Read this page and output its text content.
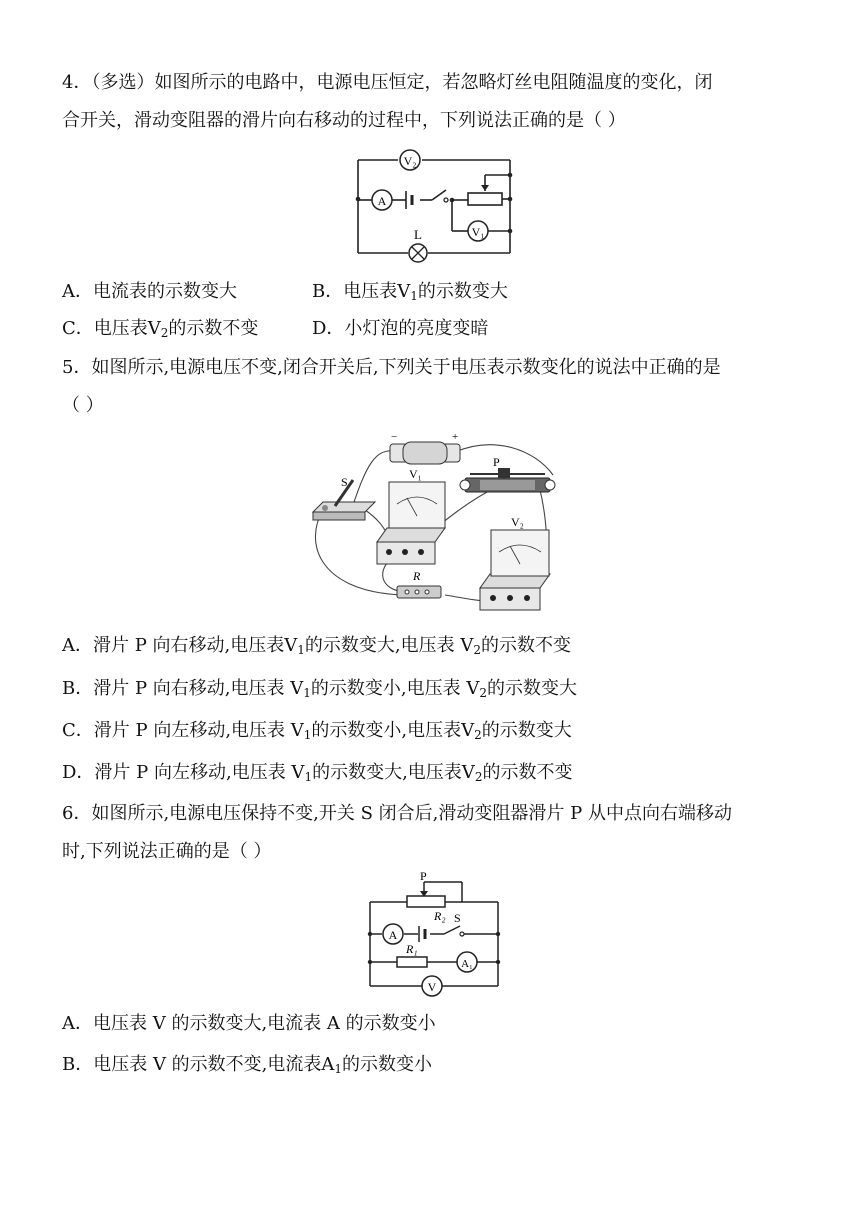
4．（多选）如图所示的电路中，电源电压恒定，若忽略灯丝电阻随温度的变化，闭
合开关，滑动变阻器的滑片向右移动的过程中，下列说法正确的是（ ）
V₂
A
V₁
L
A．电流表的示数变大	B．电压表$V_1$的示数变大
C．电压表$V_2$的示数不变	D．小灯泡的亮度变暗
5．如图所示,电源电压不变,闭合开关后,下列关于电压表示数变化的说法中正确的是
（ ）
−	+
S
P
V₁
V₂
R
A．滑片 P 向右移动,电压表$V_1$的示数变大,电压表 $V_2$的示数不变
B．滑片 P 向右移动,电压表 $V_1$的示数变小,电压表 $V_2$的示数变大
C．滑片 P 向左移动,电压表 $V_1$的示数变小,电压表$V_2$的示数变大
D．滑片 P 向左移动,电压表 $V_1$的示数变大,电压表$V_2$的示数不变
6．如图所示,电源电压保持不变,开关 S 闭合后,滑动变阻器滑片 P 从中点向右端移动
时,下列说法正确的是（ ）
P
R₂ S
A
R₁
A₁
V
A．电压表 V 的示数变大,电流表 A 的示数变小
B．电压表 V 的示数不变,电流表$A_1$的示数变小
